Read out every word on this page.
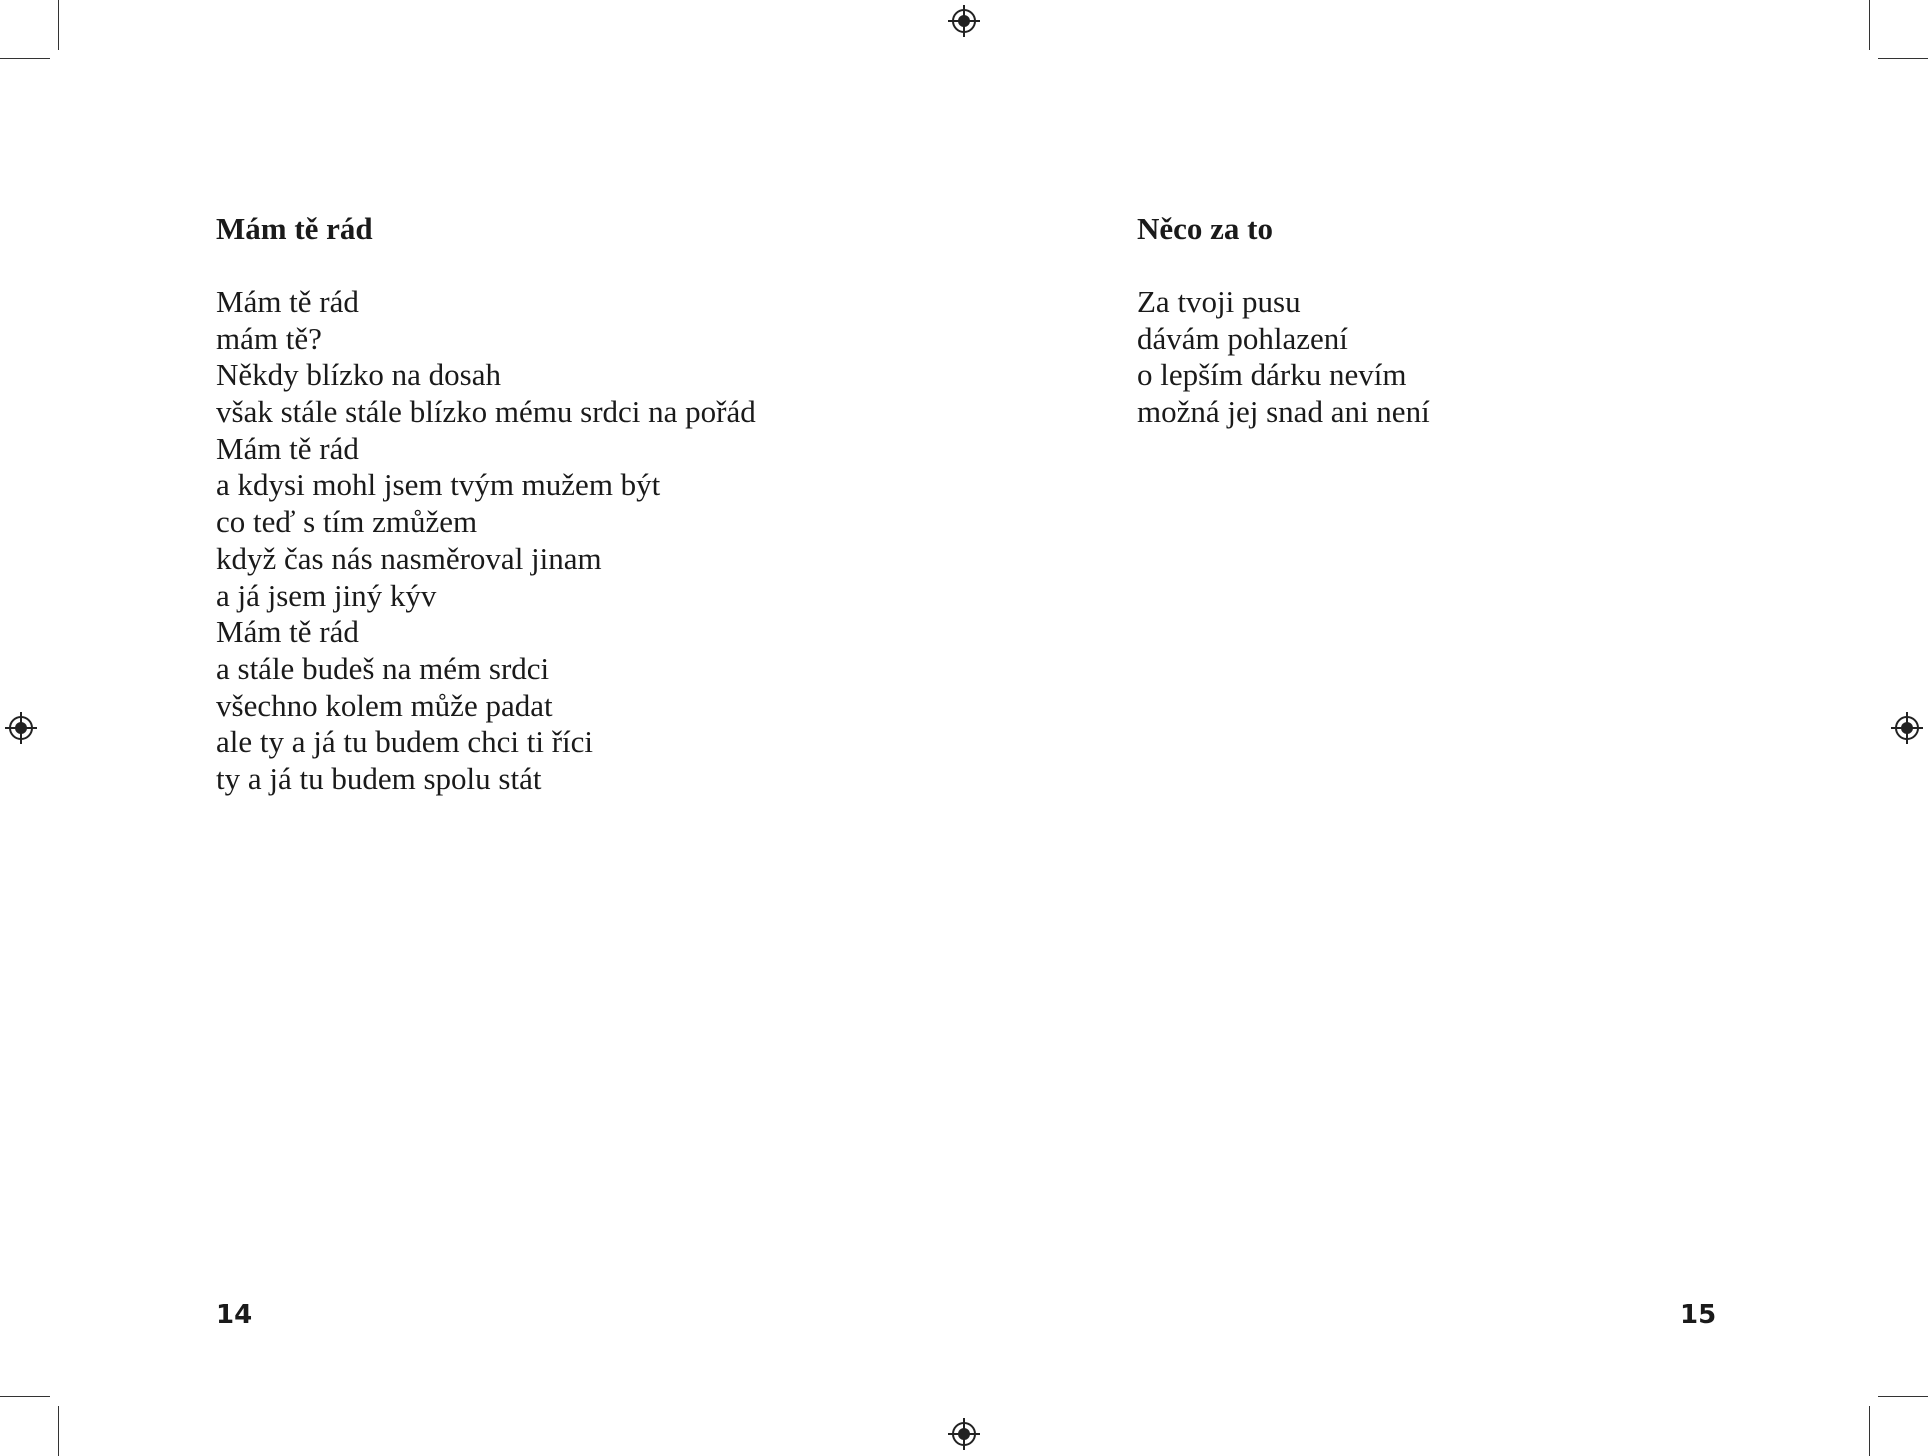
Mám tě rád
Mám tě rád
mám tě?
Někdy blízko na dosah
však stále stále blízko mému srdci na pořád
Mám tě rád
a kdysi mohl jsem tvým mužem být
co teď s tím zmůžem
když čas nás nasměroval jinam
a já jsem jiný kýv
Mám tě rád
a stále budeš na mém srdci
všechno kolem může padat
ale ty a já tu budem chci ti říci
ty a já tu budem spolu stát
14
Něco za to
Za tvoji pusu
dávám pohlazení
o lepším dárku nevím
možná jej snad ani není
15
